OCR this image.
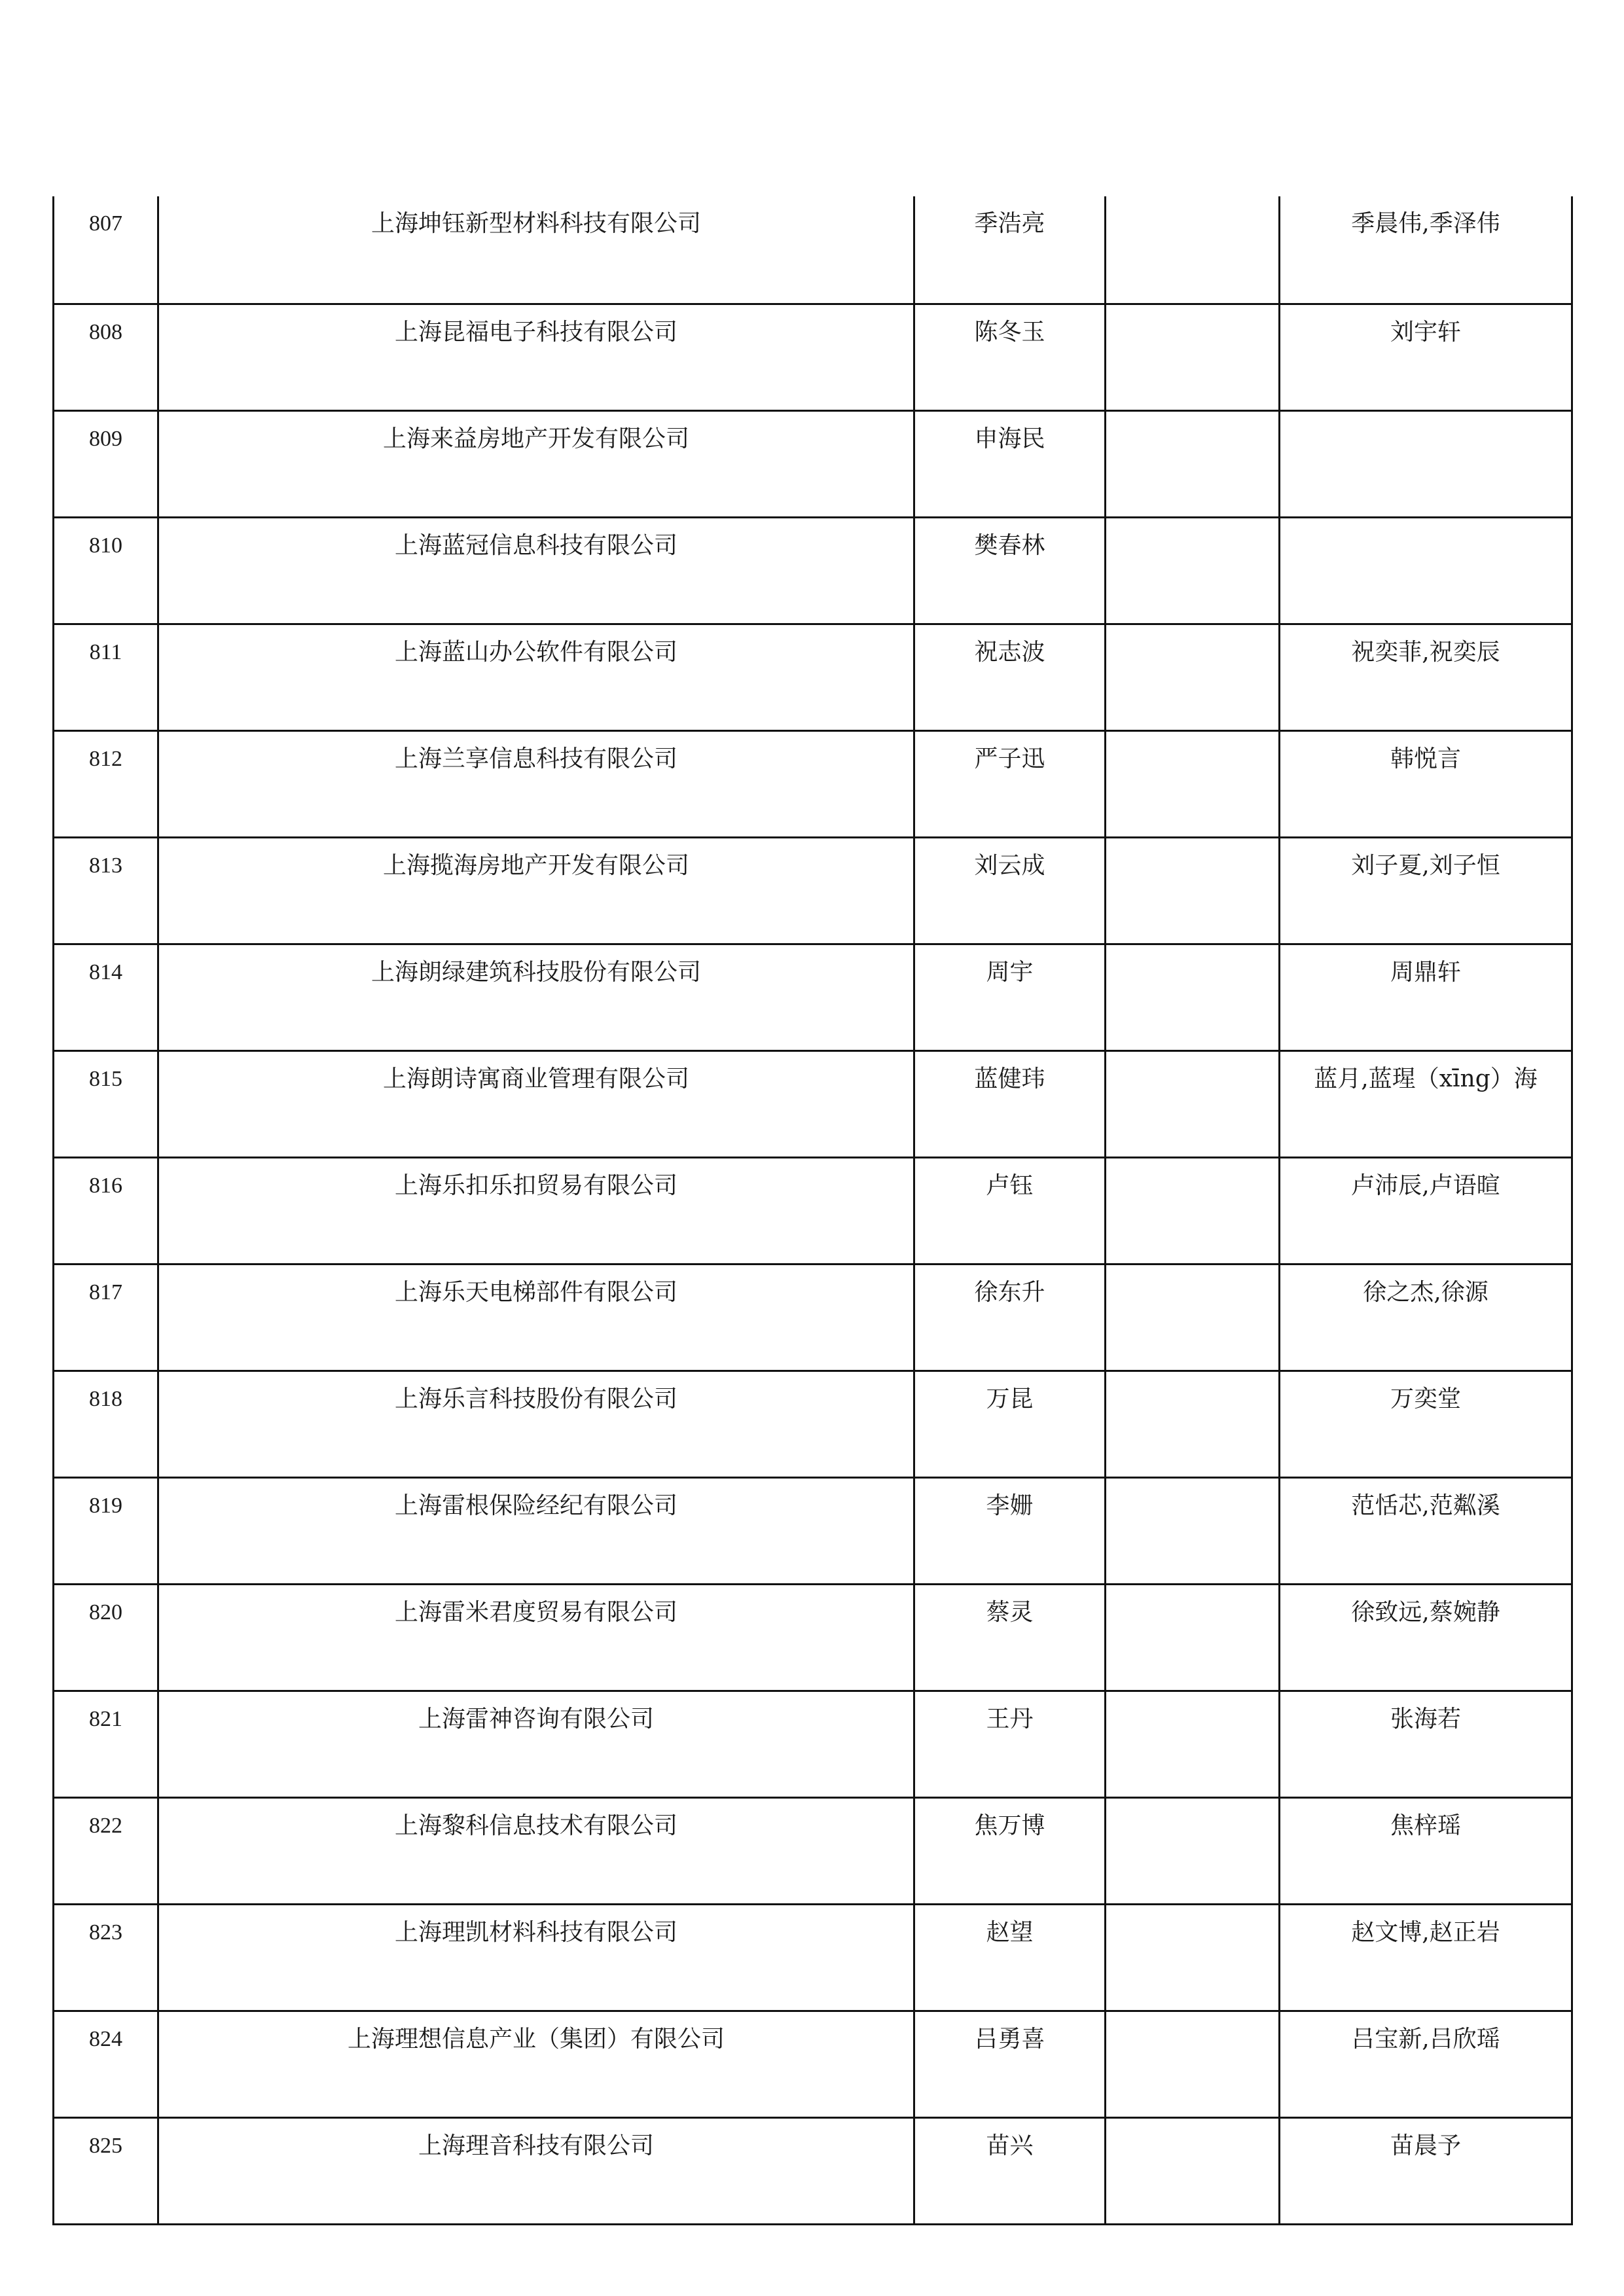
807	上海坤钰新型材料科技有限公司	季浩亮		季晨伟,季泽伟
808	上海昆福电子科技有限公司	陈冬玉		刘宇轩
809	上海来益房地产开发有限公司	申海民		
810	上海蓝冠信息科技有限公司	樊春林		
811	上海蓝山办公软件有限公司	祝志波		祝奕菲,祝奕辰
812	上海兰享信息科技有限公司	严子迅		韩悦言
813	上海揽海房地产开发有限公司	刘云成		刘子夏,刘子恒
814	上海朗绿建筑科技股份有限公司	周宇		周鼎轩
815	上海朗诗寓商业管理有限公司	蓝健玮		蓝月,蓝瑆（xīng）海
816	上海乐扣乐扣贸易有限公司	卢钰		卢沛辰,卢语暄
817	上海乐天电梯部件有限公司	徐东升		徐之杰,徐源
818	上海乐言科技股份有限公司	万昆		万奕堂
819	上海雷根保险经纪有限公司	李姗		范恬芯,范粼溪
820	上海雷米君度贸易有限公司	蔡灵		徐致远,蔡婉静
821	上海雷神咨询有限公司	王丹		张海若
822	上海黎科信息技术有限公司	焦万博		焦梓瑶
823	上海理凯材料科技有限公司	赵望		赵文博,赵正岩
824	上海理想信息产业（集团）有限公司	吕勇喜		吕宝新,吕欣瑶
825	上海理音科技有限公司	苗兴		苗晨予
